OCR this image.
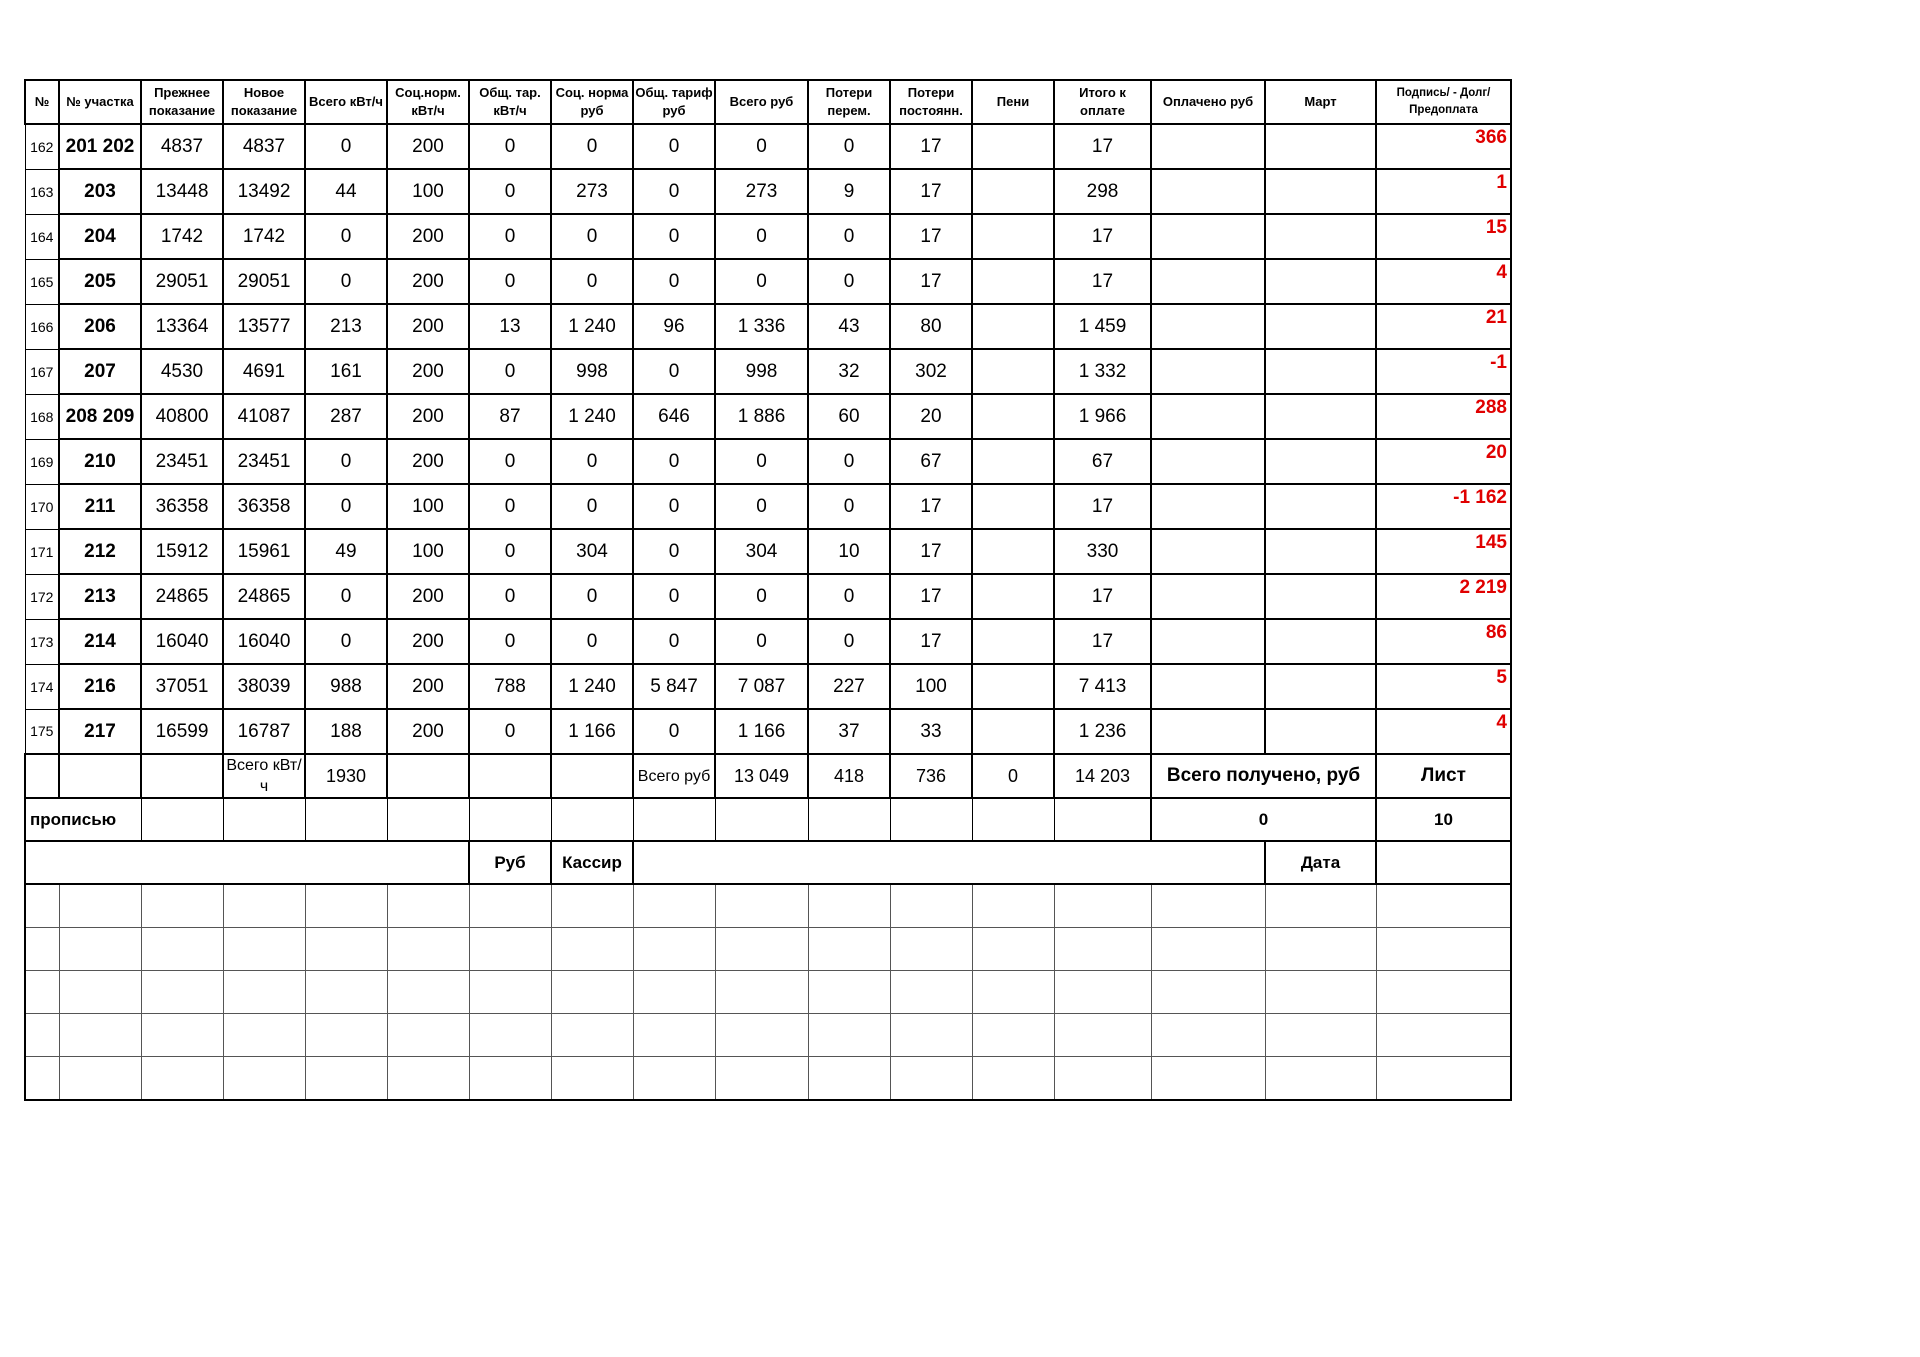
№	№ участка	Прежнее показание	Новое показание	Всего кВт/ч	Соц.норм. кВт/ч	Общ. тар. кВт/ч	Соц. норма руб	Общ. тариф руб	Всего руб	Потери перем.	Потери постоянн.	Пени	Итого к оплате	Оплачено руб	Март	Подпись/ - Долг/Предоплата
162	201 202	4837	4837	0	200	0	0	0	0	0	17		17			366
163	203	13448	13492	44	100	0	273	0	273	9	17		298			1
164	204	1742	1742	0	200	0	0	0	0	0	17		17			15
165	205	29051	29051	0	200	0	0	0	0	0	17		17			4
166	206	13364	13577	213	200	13	1 240	96	1 336	43	80		1 459			21
167	207	4530	4691	161	200	0	998	0	998	32	302		1 332			-1
168	208 209	40800	41087	287	200	87	1 240	646	1 886	60	20		1 966			288
169	210	23451	23451	0	200	0	0	0	0	0	67		67			20
170	211	36358	36358	0	100	0	0	0	0	0	17		17			-1 162
171	212	15912	15961	49	100	0	304	0	304	10	17		330			145
172	213	24865	24865	0	200	0	0	0	0	0	17		17			2 219
173	214	16040	16040	0	200	0	0	0	0	0	17		17			86
174	216	37051	38039	988	200	788	1 240	5 847	7 087	227	100		7 413			5
175	217	16599	16787	188	200	0	1 166	0	1 166	37	33		1 236			4
			Всего кВт/ч	1930				Всего руб	13 049	418	736	0	14 203	Всего получено, руб		Лист
прописью														0		10
						Руб	Кассир								Дата	
